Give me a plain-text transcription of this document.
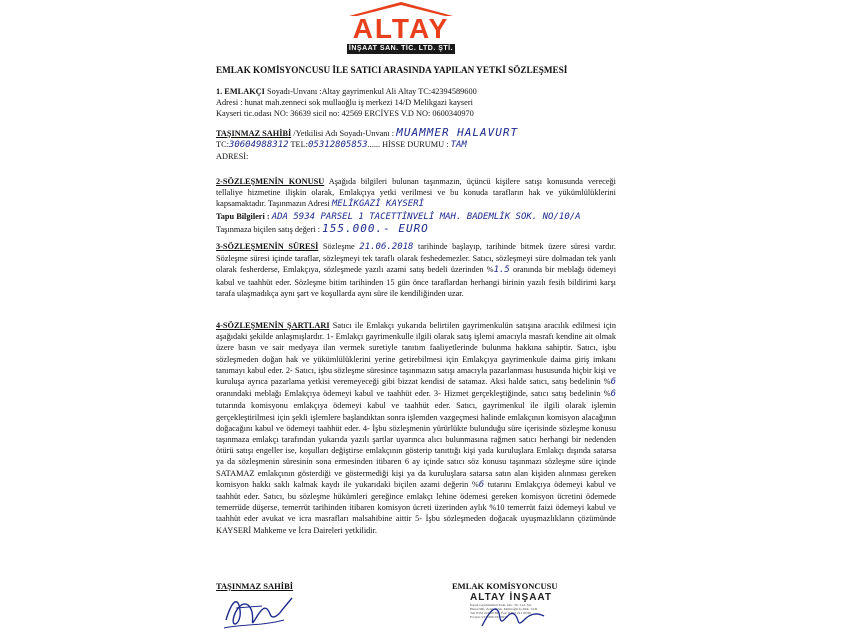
ALTAY
İNŞAAT SAN. TİC. LTD. ŞTİ.
EMLAK KOMİSYONCUSU İLE SATICI ARASINDA YAPILAN YETKİ SÖZLEŞMESİ
1. EMLAKÇI Soyadı-Unvanı :Altay gayrimenkul Ali Altay TC:42394589600
Adresi : hunat mah.zenneci sok mullaoğlu iş merkezi 14/D Melikgazi kayseri
Kayseri tic.odası NO: 36639 sicil no: 42569 ERCİYES V.D NO: 0600340970
TAŞINMAZ SAHİBİ /Yetkilisi Adı Soyadı-Unvanı : MUAMMER HALAVURT
TC:30604988312 TEL:05312805853...... HİSSE DURUMU : TAM
ADRESİ:
2-SÖZLEŞMENİN KONUSU Aşağıda bilgileri bulunan taşınmazın, üçüncü kişilere satışı konusunda vereceği tellaliye hizmetine ilişkin olarak, Emlakçıya yetki verilmesi ve bu konuda tarafların hak ve yükümlülüklerini kapsamaktadır. Taşınmazın Adresi MELİKGAZİ KAYSERİ
Tapu Bilgileri : ADA 5934 PARSEL 1 TACETTİNVELİ MAH. BADEMLİK SOK. NO/10/A
Taşınmaza biçilen satış değeri : 155.000.- EURO
3-SÖZLEŞMENİN SÜRESİ Sözleşme 21.06.2018 tarihinde başlayıp, tarihinde bitmek üzere süresi vardır. Sözleşme süresi içinde taraflar, sözleşmeyi tek taraflı olarak feshedemezler. Satıcı, sözleşmeyi süre dolmadan tek yanlı olarak fesherderse, Emlakçıya, sözleşmede yazılı azami satış bedeli üzerinden %1.5 oranında bir meblağı ödemeyi kabul ve taahhüt eder. Sözleşme bitim tarihinden 15 gün önce taraflardan herhangi birinin yazılı fesih bildirimi karşı tarafa ulaşmadıkça aynı şart ve koşullarda aynı süre ile kendiliğinden uzar.
4-SÖZLEŞMENİN ŞARTLARI Satıcı ile Emlakçı yukarıda belirtilen gayrimenkulün satışına aracılık edilmesi için aşağıdaki şekilde anlaşmışlardır. 1- Emlakçı gayrimenkulle ilgili olarak satış işlemi amacıyla masrafı kendine ait olmak üzere basın ve sair medyaya ilan vermek suretiyle tanıtım faaliyetlerinde bulunma hakkına sahiptir. Satıcı, işbu sözleşmeden doğan hak ve yükümlülüklerini yerine getirebilmesi için Emlakçıya gayrimenkule daima giriş imkanı tanımayı kabul eder. 2- Satıcı, işbu sözleşme süresince taşınmazın satışı amacıyla pazarlanması hususunda hiçbir kişi ve kuruluşa ayrıca pazarlama yetkisi veremeyeceği gibi bizzat kendisi de satamaz. Aksi halde satıcı, satış bedelinin %6 oranındaki meblağı Emlakçıya ödemeyi kabul ve taahhüt eder. 3- Hizmet gerçekleştiğinde, satıcı satış bedelinin %6 tutarında komisyonu emlakçıya ödemeyi kabul ve taahhüt eder. Satıcı, gayrimenkul ile ilgili olarak işlemin gerçekleştirilmesi için şekli işlemlere başlandıktan sonra işlemden vazgeçmesi halinde emlakçının komisyon alacağının doğacağını kabul ve ödemeyi taahhüt eder. 4- İşbu sözleşmenin yürürlükte bulunduğu süre içerisinde sözleşme konusu taşınmaza emlakçı tarafından yukarıda yazılı şartlar uyarınca alıcı bulunmasına rağmen satıcı herhangi bir nedenden ötürü satışı engeller ise, koşulları değiştirse emlakçının gösterip tanıttığı kişi yada kuruluşlara Emlakçı dışında satarsa ya da sözleşmenin süresinin sona ermesinden itibaren 6 ay içinde satıcı söz konusu taşınmazı sözleşme süre içinde SATAMAZ emlakçının gösterdiği ve göstermediği kişi ya da kuruluşlara satarsa satın alan kişiden alınması gereken komisyon hakkı saklı kalmak kaydı ile yukarıdaki biçilen azami değerin %6 tutarını Emlakçıya ödemeyi kabul ve taahhüt eder. Satıcı, bu sözleşme hükümleri gereğince emlakçı lehine ödemesi gereken komisyon ücretini ödemede temerrüde düşerse, temerrüt tarihinden itibaren komisyon ücreti üzerinden aylık %10 temerrüt faizi ödemeyi kabul ve taahhüt eder avukat ve icra masrafları malsahibine aittir 5- İşbu sözleşmeden doğacak uyuşmazlıkların çözümünde KAYSERİ Mahkeme ve İcra Daireleri yetkilidir.
TAŞINMAZ SAHİBİ	EMLAK KOMİSYONCUSU
ALTAY İNŞAAT
İnşaat Gayrimenkul Taah. Oto. Tic. Ltd. Şti.
Hunat Mh. Zenneci Sk. Mullaoğlu İş Mrk. 14/D
Tel: 0352 221 09 86 - Fax: 0 352 221 09 86
Erciyes V.D. 060 034 0970
